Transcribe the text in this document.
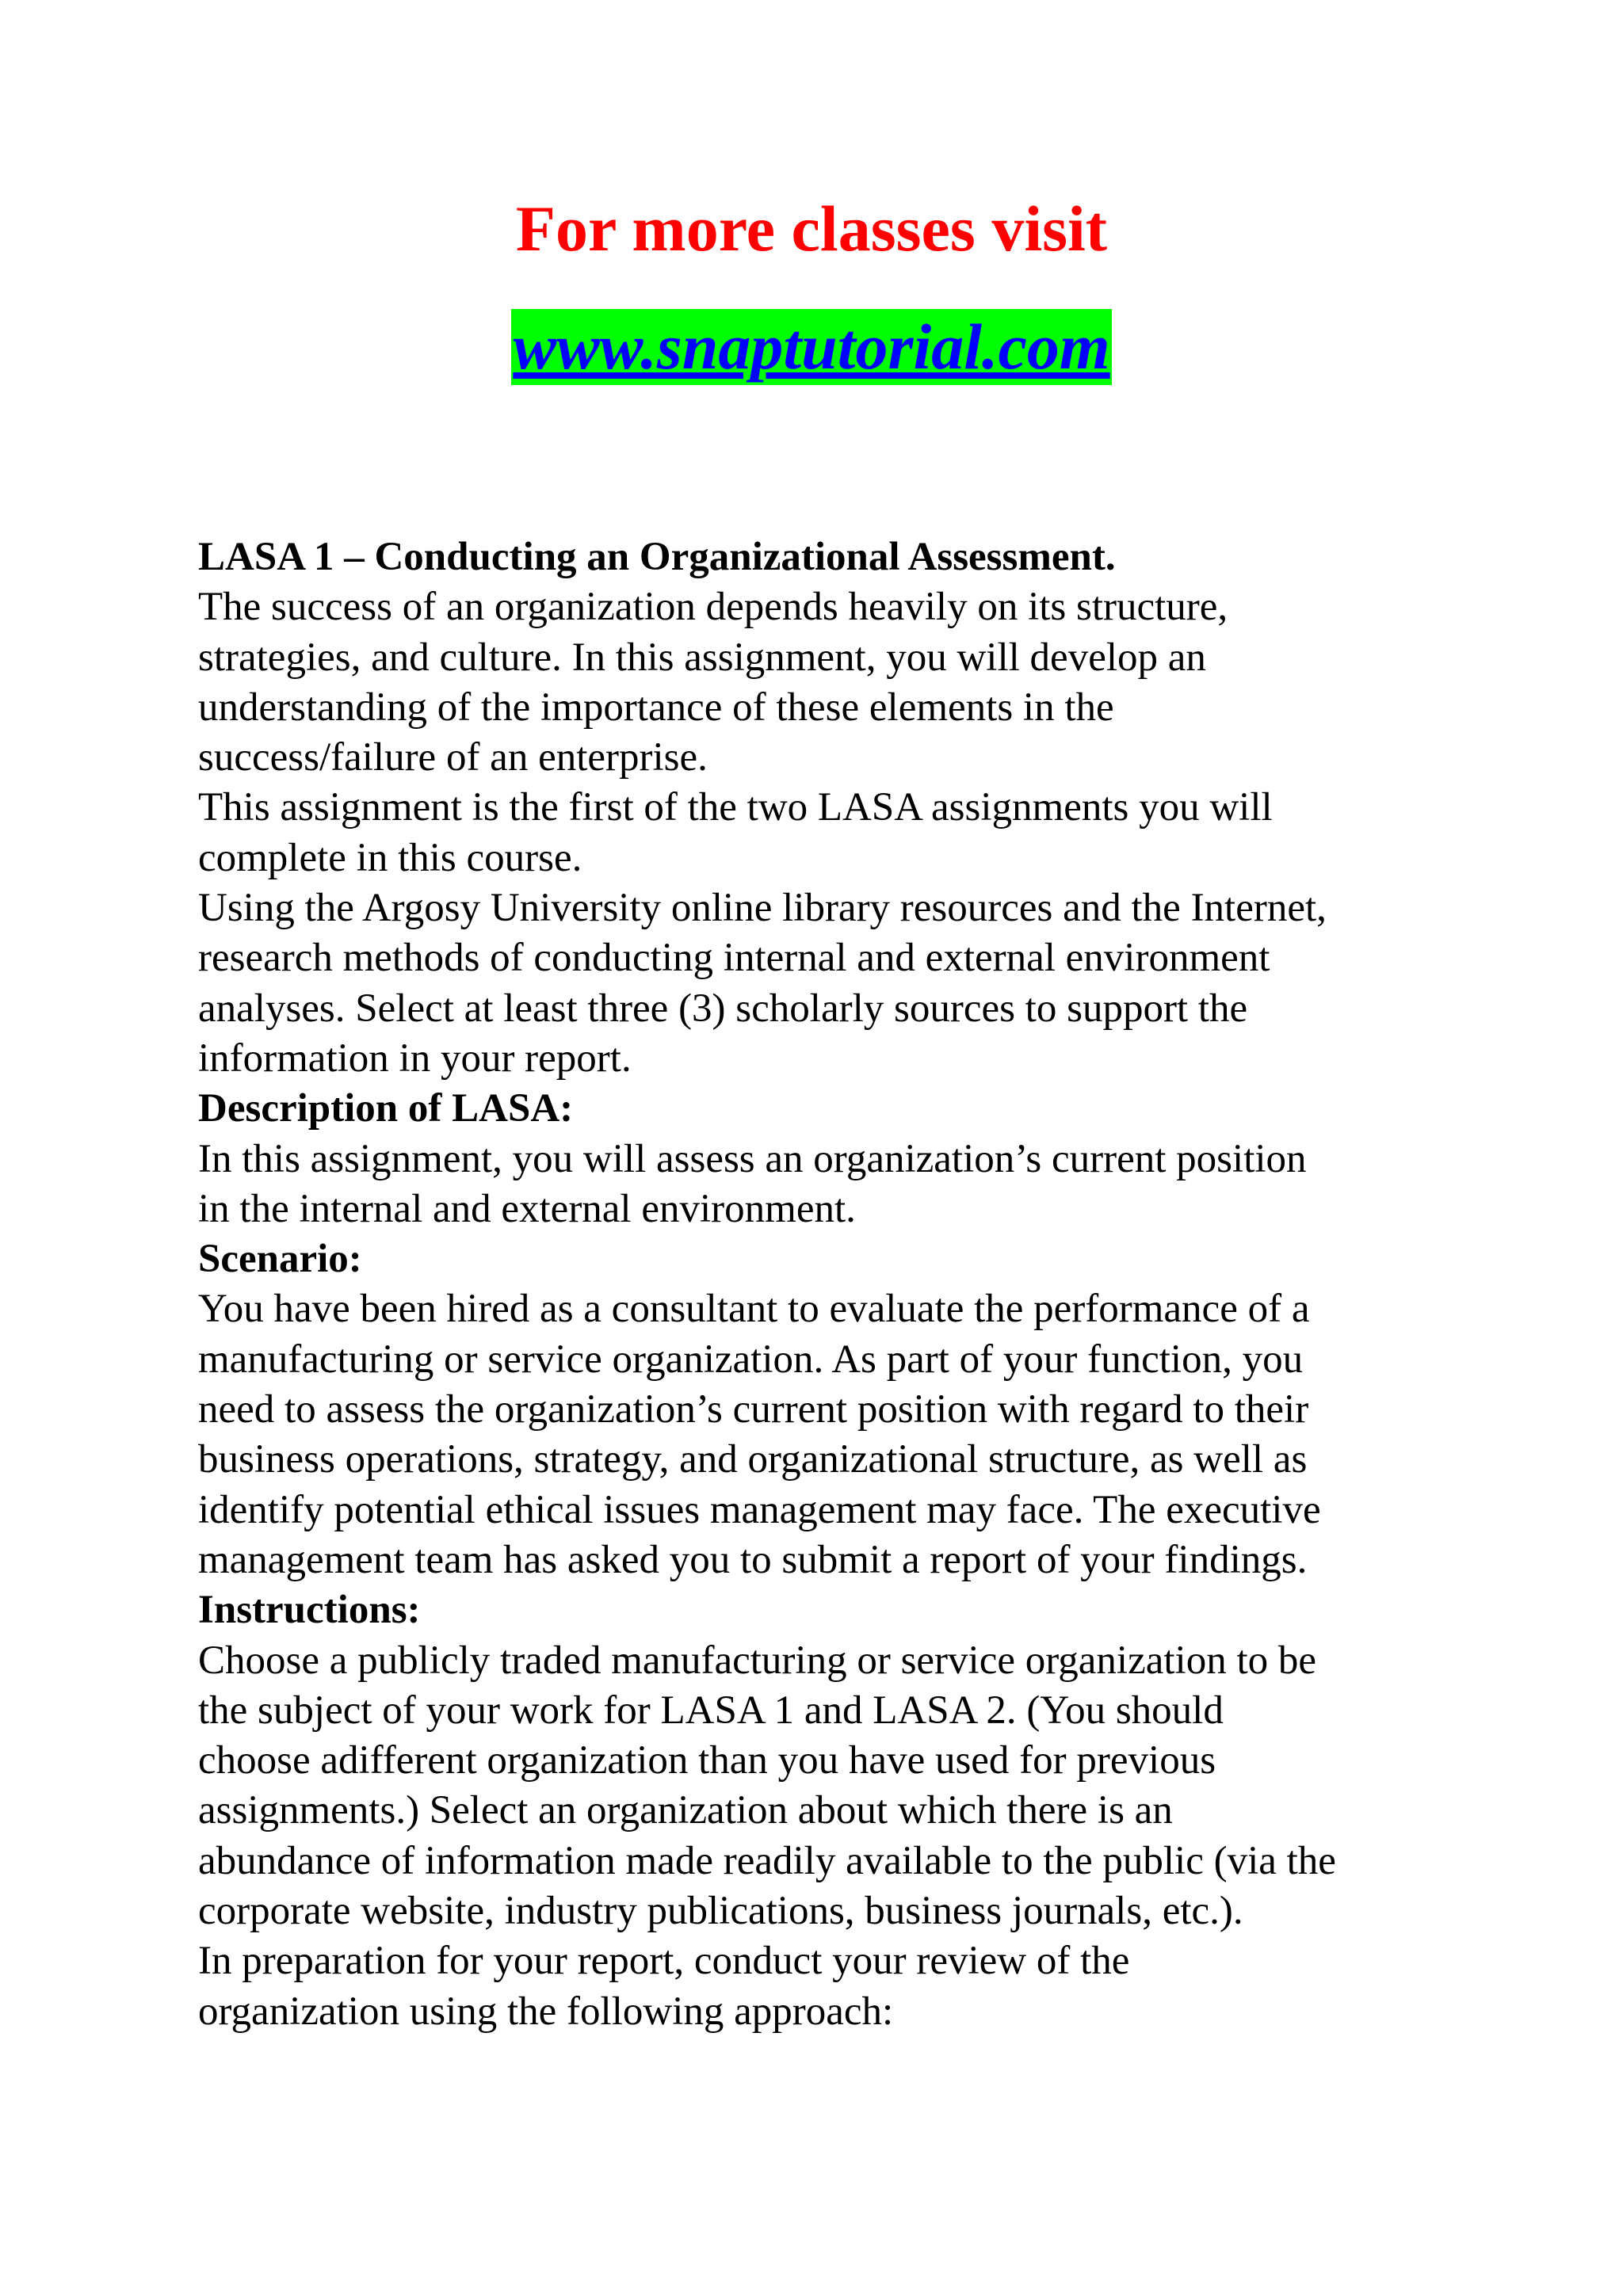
For more classes visit
www.snaptutorial.com
LASA 1 – Conducting an Organizational Assessment.
The success of an organization depends heavily on its structure,
strategies, and culture. In this assignment, you will develop an
understanding of the importance of these elements in the
success/failure of an enterprise.
This assignment is the first of the two LASA assignments you will
complete in this course.
Using the Argosy University online library resources and the Internet,
research methods of conducting internal and external environment
analyses. Select at least three (3) scholarly sources to support the
information in your report.
Description of LASA:
In this assignment, you will assess an organization’s current position
in the internal and external environment.
Scenario:
You have been hired as a consultant to evaluate the performance of a
manufacturing or service organization. As part of your function, you
need to assess the organization’s current position with regard to their
business operations, strategy, and organizational structure, as well as
identify potential ethical issues management may face. The executive
management team has asked you to submit a report of your findings.
Instructions:
Choose a publicly traded manufacturing or service organization to be
the subject of your work for LASA 1 and LASA 2. (You should
choose adifferent organization than you have used for previous
assignments.) Select an organization about which there is an
abundance of information made readily available to the public (via the
corporate website, industry publications, business journals, etc.).
In preparation for your report, conduct your review of the
organization using the following approach:
